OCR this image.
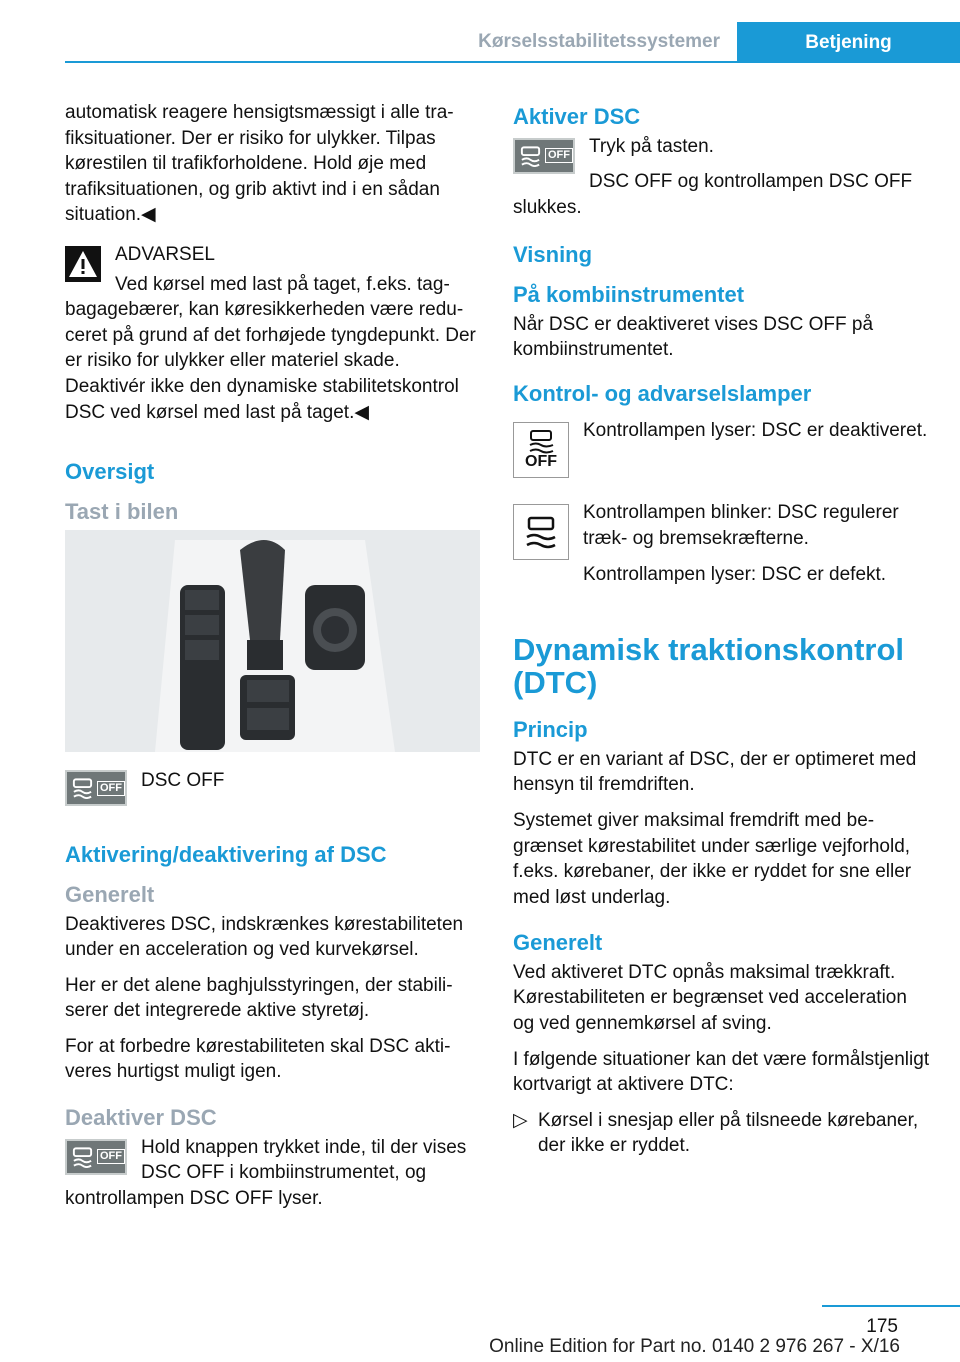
Kørselsstabilitetssystemer	Betjening

automatisk reagere hensigtsmæssigt i alle trafiksituationer. Der er risiko for ulykker. Tilpas kørestilen til trafikforholdene. Hold øje med trafiksituationen, og grib aktivt ind i en sådan situation.◀

ADVARSEL

Ved kørsel med last på taget, f.eks. tagbagagebærer, kan køresikkerheden være reduceret på grund af det forhøjede tyngdepunkt. Der er risiko for ulykker eller materiel skade. Deaktivér ikke den dynamiske stabilitetskontrol DSC ved kørsel med last på taget.◀

Oversigt
Tast i bilen
OFF	DSC OFF

Aktivering/deaktivering af DSC
Generelt

Deaktiveres DSC, indskrænkes kørestabiliteten under en acceleration og ved kurvekørsel.

Her er det alene baghjulsstyringen, der stabiliserer det integrerede aktive styretøj.

For at forbedre kørestabiliteten skal DSC aktiveres hurtigst muligt igen.

Deaktiver DSC
OFF	Hold knappen trykket inde, til der vises DSC OFF i kombiinstrumentet, og kontrollampen DSC OFF lyser.

Aktiver DSC
OFF	Tryk på tasten.

DSC OFF og kontrollampen DSC OFF slukkes.

Visning
På kombiinstrumentet

Når DSC er deaktiveret vises DSC OFF på kombiinstrumentet.

Kontrol- og advarselslamper
OFF

Kontrollampen lyser: DSC er deaktiveret.

Kontrollampen blinker: DSC regulerer træk- og bremsekræfterne.

Kontrollampen lyser: DSC er defekt.

Dynamisk traktionskontrol (DTC)
Princip

DTC er en variant af DSC, der er optimeret med hensyn til fremdriften.

Systemet giver maksimal fremdrift med begrænset kørestabilitet under særlige vejforhold, f.eks. kørebaner, der ikke er ryddet for sne eller med løst underlag.

Generelt

Ved aktiveret DTC opnås maksimal trækkraft. Kørestabiliteten er begrænset ved acceleration og ved gennemkørsel af sving.

I følgende situationer kan det være formålstjenligt kortvarigt at aktivere DTC:

▷ Kørsel i snesjap eller på tilsneede kørebaner, der ikke er ryddet.
175
Online Edition for Part no. 0140 2 976 267 - X/16
